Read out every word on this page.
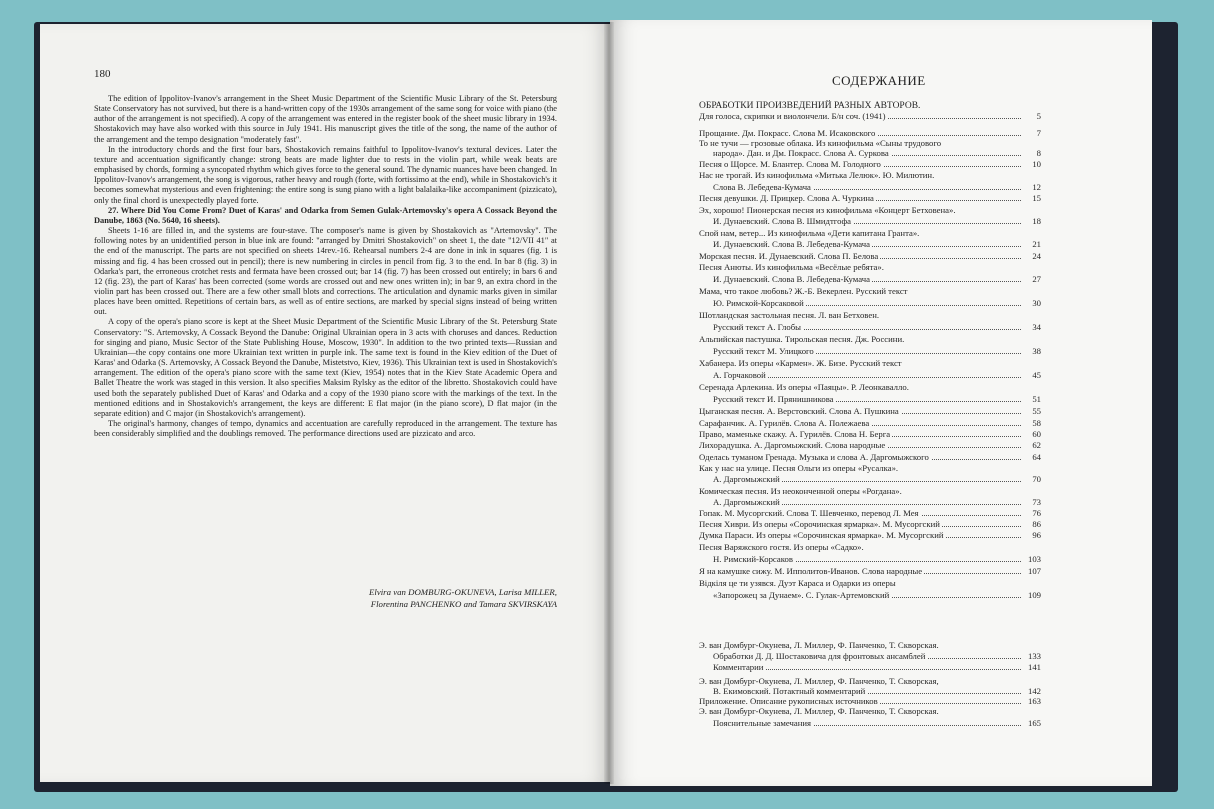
180

The edition of Ippolitov-Ivanov's arrangement in the Sheet Music Department of the Scientific Music Library of the St. Petersburg State Conservatory has not survived, but there is a hand-written copy of the 1930s arrangement of the same song for voice with piano (the author of the arrangement is not specified). A copy of the arrangement was entered in the register book of the sheet music library in 1934. Shostakovich may have also worked with this source in July 1941. His manuscript gives the title of the song, the name of the author of the arrangement and the tempo designation "moderately fast".

In the introductory chords and the first four bars, Shostakovich remains faithful to Ippolitov-Ivanov's textural devices. Later the texture and accentuation significantly change: strong beats are made lighter due to rests in the violin part, while weak beats are emphasised by chords, forming a syncopated rhythm which gives force to the general sound. The dynamic nuances have been changed. In Ippolitov-Ivanov's arrangement, the song is vigorous, rather heavy and rough (forte, with fortissimo at the end), while in Shostakovich's it becomes somewhat mysterious and even frightening: the entire song is sung piano with a light balalaika-like accompaniment (pizzicato), only the final chord is unexpectedly played forte.

27. Where Did You Come From? Duet of Karas' and Odarka from Semen Gulak-Artemovsky's opera A Cossack Beyond the Danube, 1863 (No. 5640, 16 sheets).

Sheets 1-16 are filled in, and the systems are four-stave. The composer's name is given by Shostakovich as "Artemovsky". The following notes by an unidentified person in blue ink are found: "arranged by Dmitri Shostakovich" on sheet 1, the date "12/VII 41" at the end of the manuscript. The parts are not specified on sheets 14rev.-16. Rehearsal numbers 2-4 are done in ink in squares (fig. 1 is missing and fig. 4 has been crossed out in pencil); there is new numbering in circles in pencil from fig. 3 to the end. In bar 8 (fig. 3) in Odarka's part, the erroneous crotchet rests and fermata have been crossed out; bar 14 (fig. 7) has been crossed out entirely; in bars 6 and 12 (fig. 23), the part of Karas' has been corrected (some words are crossed out and new ones written in); in bar 9, an extra chord in the violin part has been crossed out. There are a few other small blots and corrections. The articulation and dynamic marks given in similar places have been omitted. Repetitions of certain bars, as well as of entire sections, are marked by special signs instead of being written out.

A copy of the opera's piano score is kept at the Sheet Music Department of the Scientific Music Library of the St. Petersburg State Conservatory: "S. Artemovsky, A Cossack Beyond the Danube: Original Ukrainian opera in 3 acts with choruses and dances. Reduction for singing and piano, Music Sector of the State Publishing House, Moscow, 1930". In addition to the two printed texts—Russian and Ukrainian—the copy contains one more Ukrainian text written in purple ink. The same text is found in the Kiev edition of the Duet of Karas' and Odarka (S. Artemovsky, A Cossack Beyond the Danube, Mistetstvo, Kiev, 1936). This Ukrainian text is used in Shostakovich's arrangement. The edition of the opera's piano score with the same text (Kiev, 1954) notes that in the Kiev State Academic Opera and Ballet Theatre the work was staged in this version. It also specifies Maksim Rylsky as the editor of the libretto. Shostakovich could have used both the separately published Duet of Karas' and Odarka and a copy of the 1930 piano score with the markings of the text. In the mentioned editions and in Shostakovich's arrangement, the keys are different: E flat major (in the piano score), D flat major (in the separate edition) and C major (in Shostakovich's arrangement).

The original's harmony, changes of tempo, dynamics and accentuation are carefully reproduced in the arrangement. The texture has been considerably simplified and the doublings removed. The performance directions used are pizzicato and arco.

Elvira van DOMBURG-OKUNEVA, Larisa MILLER,
Florentina PANCHENKO and Tamara SKVIRSKAYA
СОДЕРЖАНИЕ
ОБРАБОТКИ ПРОИЗВЕДЕНИЙ РАЗНЫХ АВТОРОВ.
Для голоса, скрипки и виолончели. Б/н соч. (1941)	5
Прощание. Дм. Покрасс. Слова М. Исаковского	7
То не тучи — грозовые облака. Из кинофильма «Сыны трудового
народа». Дан. и Дм. Покрасс. Слова А. Суркова	8
Песня о Щорсе. М. Блантер. Слова М. Голодного	10
Нас не трогай. Из кинофильма «Митька Лелюк». Ю. Милютин.
Слова В. Лебедева-Кумача	12
Песня девушки. Д. Прицкер. Слова А. Чуркина	15
Эх, хорошо! Пионерская песня из кинофильма «Концерт Бетховена».
И. Дунаевский. Слова В. Шмидтгофа	18
Спой нам, ветер... Из кинофильма «Дети капитана Гранта».
И. Дунаевский. Слова В. Лебедева-Кумача	21
Морская песня. И. Дунаевский. Слова П. Белова	24
Песня Анюты. Из кинофильма «Весёлые ребята».
И. Дунаевский. Слова В. Лебедева-Кумача	27
Мама, что такое любовь? Ж.-Б. Векерлен. Русский текст
Ю. Римской-Корсаковой	30
Шотландская застольная песня. Л. ван Бетховен.
Русский текст А. Глобы	34
Альпийская пастушка. Тирольская песня. Дж. Россини.
Русский текст М. Улицкого	38
Хабанера. Из оперы «Кармен». Ж. Бизе. Русский текст
А. Горчаковой	45
Серенада Арлекина. Из оперы «Паяцы». Р. Леонкавалло.
Русский текст И. Прянишникова	51
Цыганская песня. А. Верстовский. Слова А. Пушкина	55
Сарафанчик. А. Гурилёв. Слова А. Полежаева	58
Право, маменьке скажу. А. Гурилёв. Слова Н. Берга	60
Лихорадушка. А. Даргомыжский. Слова народные	62
Оделась туманом Гренада. Музыка и слова А. Даргомыжского	64
Как у нас на улице. Песня Ольги из оперы «Русалка».
А. Даргомыжский	70
Комическая песня. Из неоконченной оперы «Рогдана».
А. Даргомыжский	73
Гопак. М. Мусоргский. Слова Т. Шевченко, перевод Л. Мея	76
Песня Хиври. Из оперы «Сорочинская ярмарка». М. Мусоргский	86
Думка Параси. Из оперы «Сорочинская ярмарка». М. Мусоргский	96
Песня Варяжского гостя. Из оперы «Садко».
Н. Римский-Корсаков	103
Я на камушке сижу. М. Ипполитов-Иванов. Слова народные	107
Відкіля це ти узявся. Дуэт Караса и Одарки из оперы
«Запорожец за Дунаем». С. Гулак-Артемовский	109
Э. ван Домбург-Окунева, Л. Миллер, Ф. Панченко, Т. Скворская.
Обработки Д. Д. Шостаковича для фронтовых ансамблей	133
Комментарии	141
Э. ван Домбург-Окунева, Л. Миллер, Ф. Панченко, Т. Скворская,
В. Екимовский. Потактный комментарий	142
Приложение. Описание рукописных источников	163
Э. ван Домбург-Окунева, Л. Миллер, Ф. Панченко, Т. Скворская.
Пояснительные замечания	165
